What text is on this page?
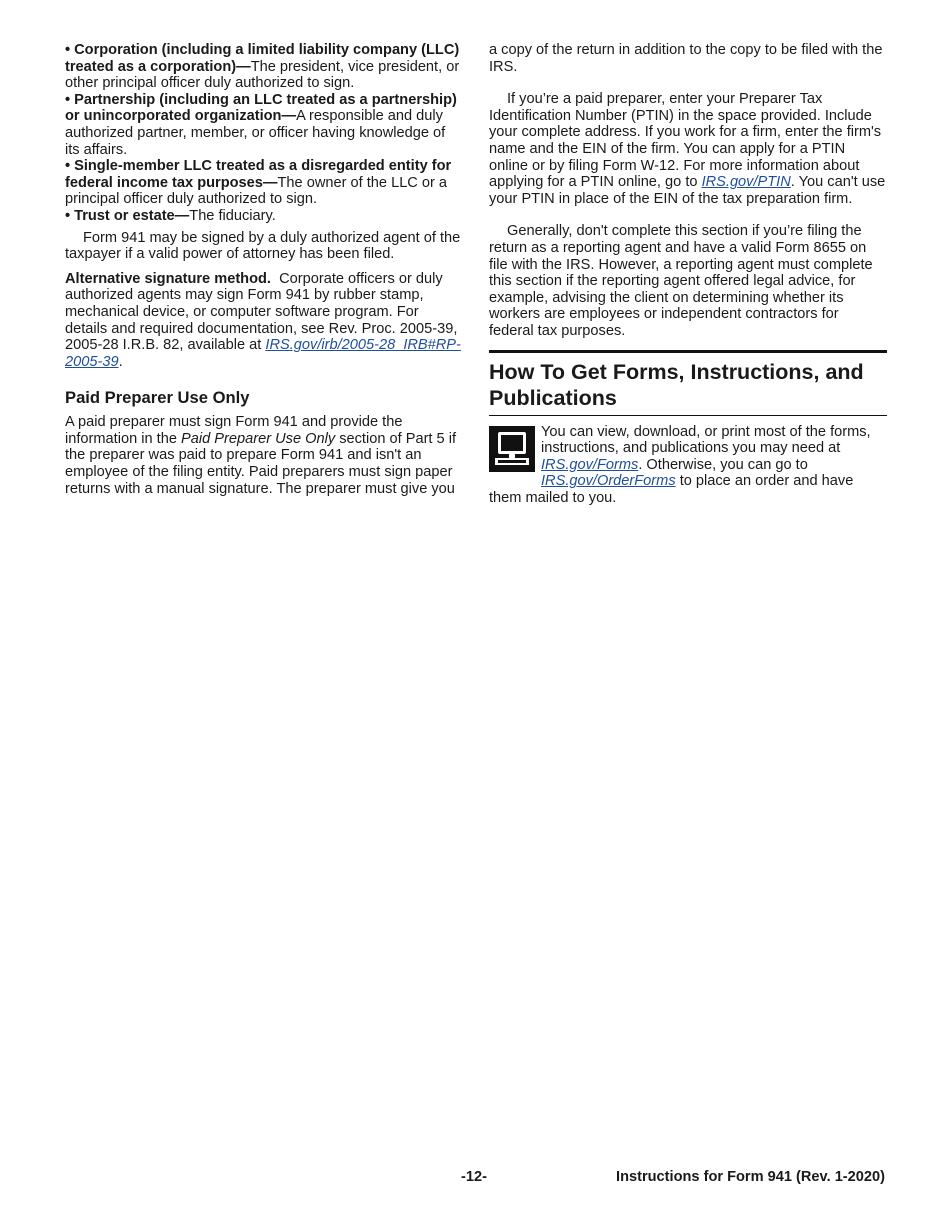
• Corporation (including a limited liability company (LLC) treated as a corporation)—The president, vice president, or other principal officer duly authorized to sign.

• Partnership (including an LLC treated as a partnership) or unincorporated organization—A responsible and duly authorized partner, member, or officer having knowledge of its affairs.

• Single-member LLC treated as a disregarded entity for federal income tax purposes—The owner of the LLC or a principal officer duly authorized to sign.

• Trust or estate—The fiduciary.

Form 941 may be signed by a duly authorized agent of the taxpayer if a valid power of attorney has been filed.

Alternative signature method. Corporate officers or duly authorized agents may sign Form 941 by rubber stamp, mechanical device, or computer software program. For details and required documentation, see Rev. Proc. 2005-39, 2005-28 I.R.B. 82, available at IRS.gov/irb/2005-28_IRB#RP-2005-39.

Paid Preparer Use Only

A paid preparer must sign Form 941 and provide the information in the Paid Preparer Use Only section of Part 5 if the preparer was paid to prepare Form 941 and isn't an employee of the filing entity. Paid preparers must sign paper returns with a manual signature. The preparer must give you

a copy of the return in addition to the copy to be filed with the IRS.

If you’re a paid preparer, enter your Preparer Tax Identification Number (PTIN) in the space provided. Include your complete address. If you work for a firm, enter the firm's name and the EIN of the firm. You can apply for a PTIN online or by filing Form W-12. For more information about applying for a PTIN online, go to IRS.gov/PTIN. You can't use your PTIN in place of the EIN of the tax preparation firm.

Generally, don't complete this section if you’re filing the return as a reporting agent and have a valid Form 8655 on file with the IRS. However, a reporting agent must complete this section if the reporting agent offered legal advice, for example, advising the client on determining whether its workers are employees or independent contractors for federal tax purposes.

How To Get Forms, Instructions, and Publications

You can view, download, or print most of the forms, instructions, and publications you may need at IRS.gov/Forms. Otherwise, you can go to IRS.gov/OrderForms to place an order and have them mailed to you.

-12-	Instructions for Form 941 (Rev. 1-2020)
